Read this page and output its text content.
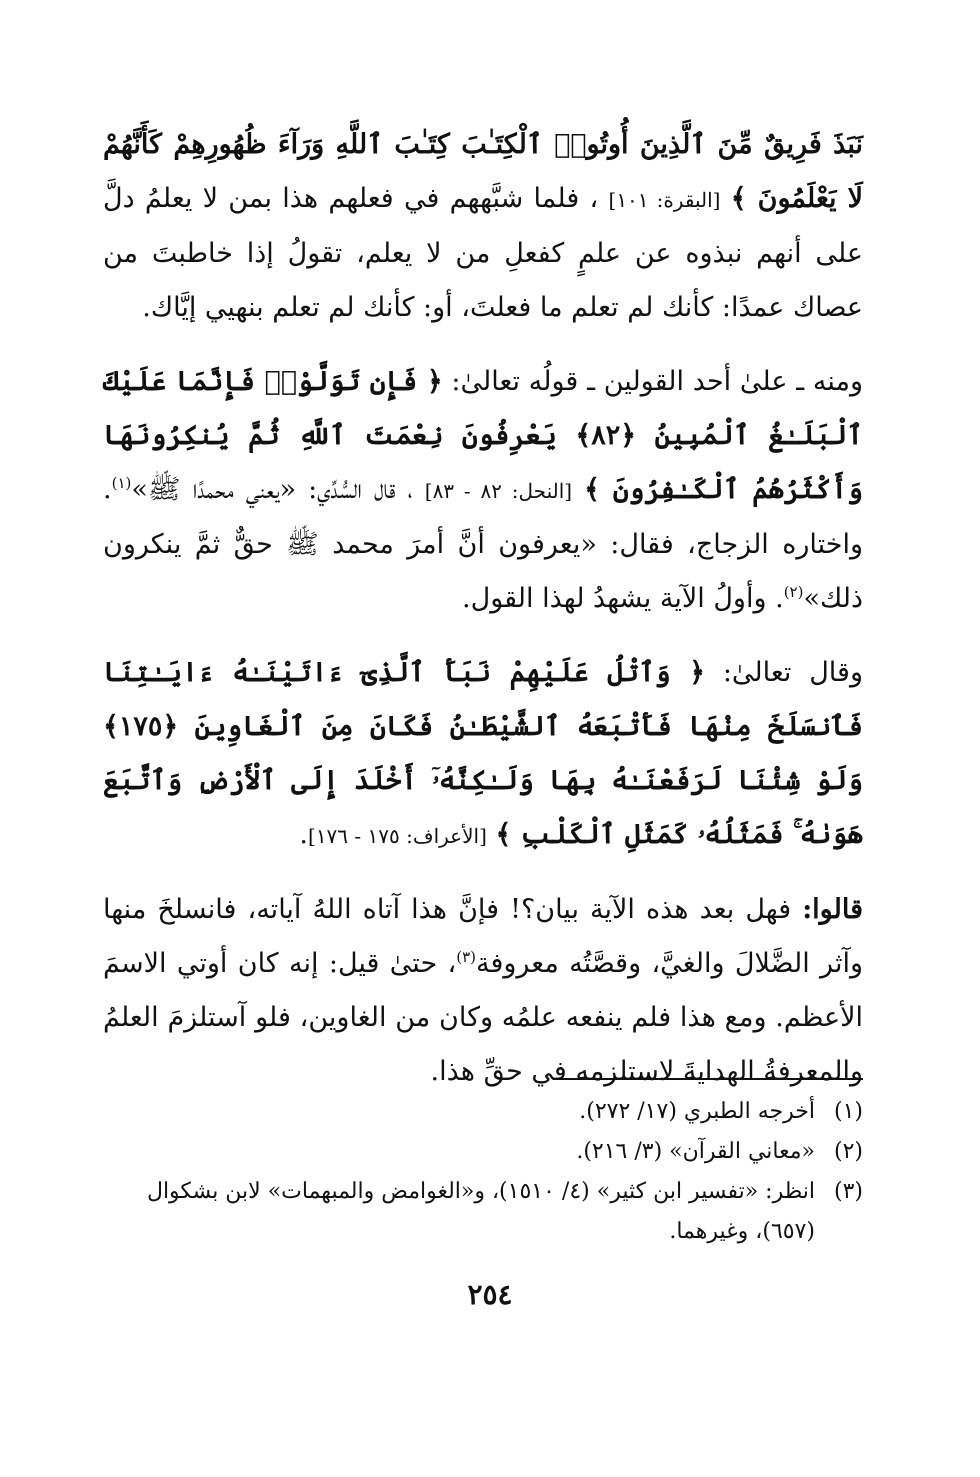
نَبَذَ فَرِيقٌ مِّنَ ٱلَّذِينَ أُوتُوا۟ ٱلْكِتَـٰبَ كِتَـٰبَ ٱللَّهِ وَرَآءَ ظُهُورِهِمْ كَأَنَّهُمْ لَا يَعْلَمُونَ ﴾ [البقرة: ١٠١] ، فلما شبَّههم في فعلهم هذا بمن لا يعلمُ دلَّ على أنهم نبذوه عن علمٍ كفعلِ من لا يعلم، تقولُ إذا خاطبتَ من عصاك عمدًا: كأنك لم تعلم ما فعلتَ، أو: كأنك لم تعلم بنهيي إيَّاك.

ومنه ـ علىٰ أحد القولين ـ قولُه تعالىٰ: ﴿ فَإِن تَوَلَّوْا۟ فَإِنَّمَا عَلَيْكَ ٱلْبَلَـٰغُ ٱلْمُبِينُ ﴿٨٢﴾ يَعْرِفُونَ نِعْمَتَ ٱللَّهِ ثُمَّ يُنكِرُونَهَا وَأَكْثَرُهُمُ ٱلْكَـٰفِرُونَ ﴾ [النحل: ٨٢ - ٨٣] ، قال السُّدِّي: «يعني محمدًا ﷺ»$^{(١)}$. واختاره الزجاج، فقال: «يعرفون أنَّ أمرَ محمد ﷺ حقٌّ ثمَّ ينكرون ذلك»$^{(٢)}$. وأولُ الآية يشهدُ لهذا القول.

وقال تعالىٰ: ﴿ وَٱتْلُ عَلَيْهِمْ نَبَأَ ٱلَّذِىٓ ءَاتَيْنَـٰهُ ءَايَـٰتِنَا فَٱنسَلَخَ مِنْهَا فَأَتْبَعَهُ ٱلشَّيْطَـٰنُ فَكَانَ مِنَ ٱلْغَاوِينَ ﴿١٧٥﴾ وَلَوْ شِئْنَا لَرَفَعْنَـٰهُ بِهَا وَلَـٰكِنَّهُۥٓ أَخْلَدَ إِلَى ٱلْأَرْضِ وَٱتَّبَعَ هَوَىٰهُ ۚ فَمَثَلُهُۥ كَمَثَلِ ٱلْكَلْبِ ﴾ [الأعراف: ١٧٥ - ١٧٦].

قالوا: فهل بعد هذه الآية بيان؟! فإنَّ هذا آتاه اللهُ آياته، فانسلخَ منها وآثر الضَّلالَ والغيَّ، وقصَّتُه معروفة$^{(٣)}$، حتىٰ قيل: إنه كان أوتي الاسمَ الأعظم. ومع هذا فلم ينفعه علمُه وكان من الغاوين، فلو آستلزمَ العلمُ والمعرفةُ الهدايةَ لاستلزمه في حقِّ هذا.

(١)
أخرجه الطبري (١٧/ ٢٧٢).

(٢)
«معاني القرآن» (٣/ ٢١٦).

(٣)
انظر: «تفسير ابن كثير» (٤/ ١٥١٠)، و«الغوامض والمبهمات» لابن بشكوال (٦٥٧)، وغيرهما.

٢٥٤
